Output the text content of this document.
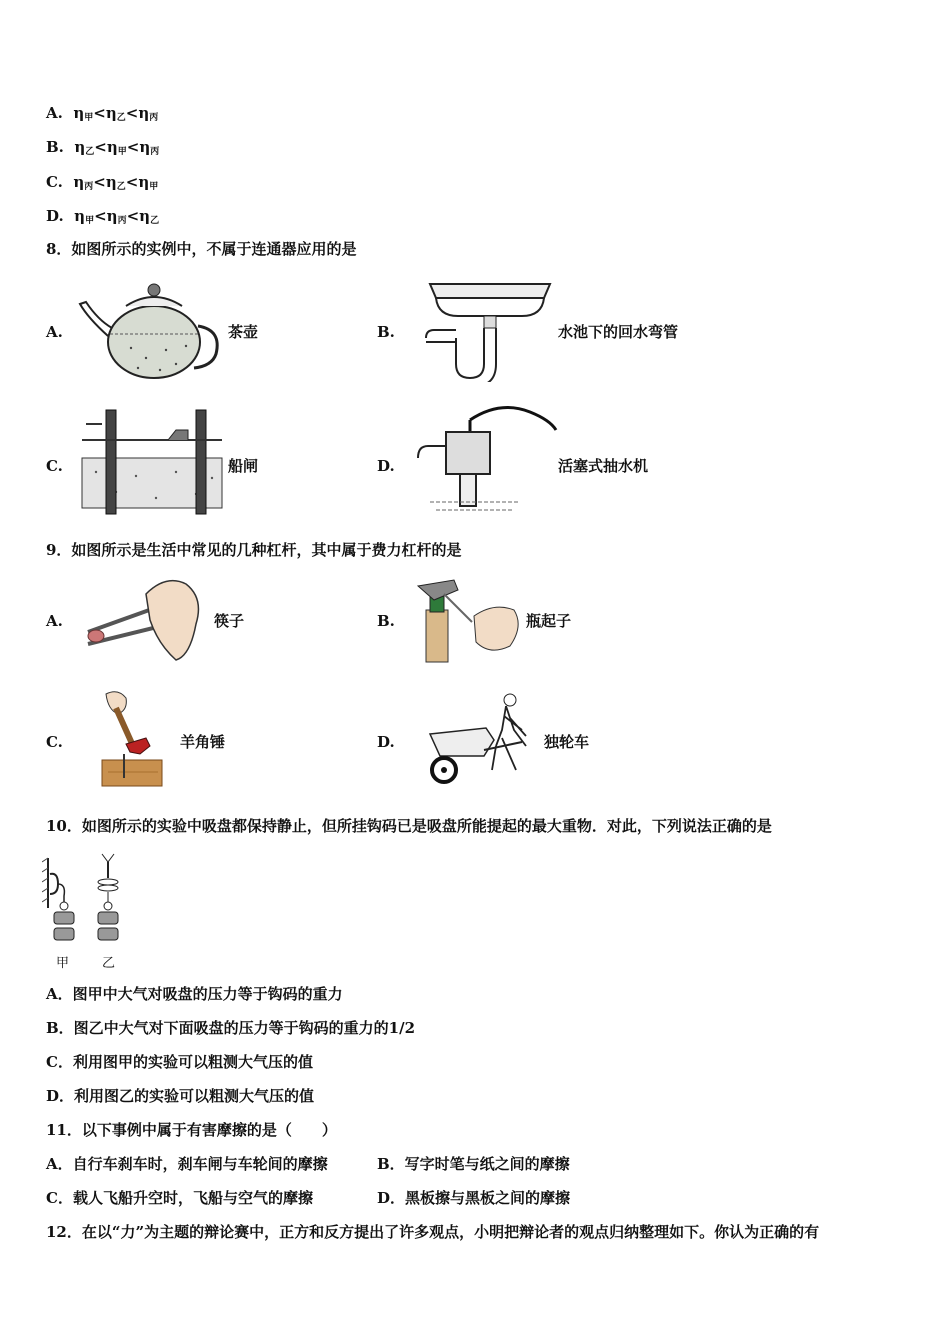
A. $\eta_甲<\eta_乙<\eta_丙$
B. $\eta_乙<\eta_甲<\eta_丙$
C. $\eta_丙<\eta_乙<\eta_甲$
D. $\eta_甲<\eta_丙<\eta_乙$
8．如图所示的实例中，不属于连通器应用的是
A.	茶壶	B.	水池下的回水弯管
C.	船闸	D.	活塞式抽水机
9．如图所示是生活中常见的几种杠杆，其中属于费力杠杆的是
A.	筷子	B.	瓶起子
C.	羊角锤	D.	独轮车
10．如图所示的实验中吸盘都保持静止，但所挂钩码已是吸盘所能提起的最大重物．对此，下列说法正确的是
甲	乙
A．图甲中大气对吸盘的压力等于钩码的重力
B．图乙中大气对下面吸盘的压力等于钩码的重力的1/2
C．利用图甲的实验可以粗测大气压的值
D．利用图乙的实验可以粗测大气压的值
11．以下事例中属于有害摩擦的是（　　）
A．自行车刹车时，刹车闸与车轮间的摩擦	B．写字时笔与纸之间的摩擦
C．载人飞船升空时，飞船与空气的摩擦	D．黑板擦与黑板之间的摩擦
12．在以“力”为主题的辩论赛中，正方和反方提出了许多观点，小明把辩论者的观点归纳整理如下。你认为正确的有
